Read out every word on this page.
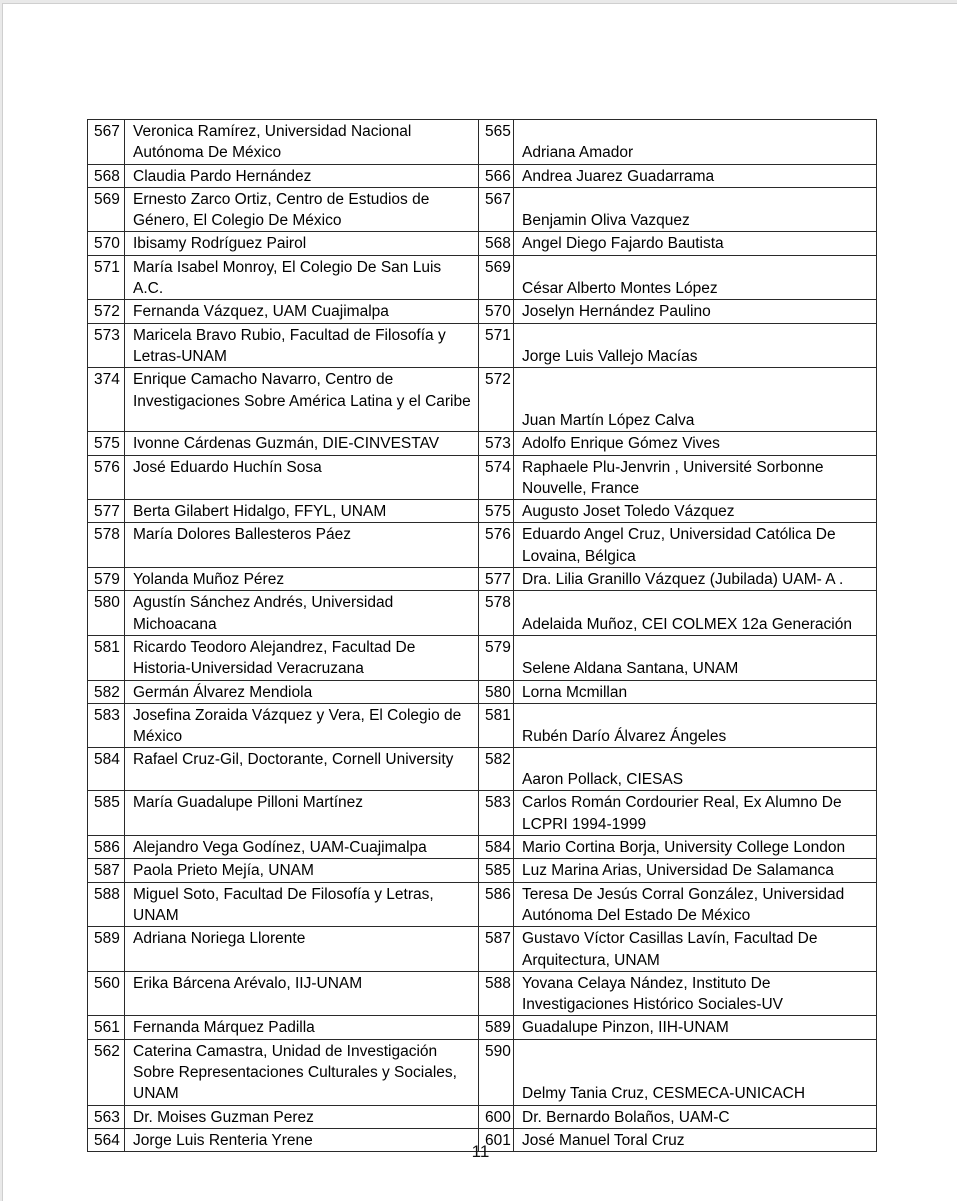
567	Veronica Ramírez, Universidad Nacional Autónoma De México	565	Adriana Amador
568	Claudia Pardo Hernández	566	Andrea Juarez Guadarrama
569	Ernesto Zarco Ortiz, Centro de Estudios de Género, El Colegio De México	567	Benjamin Oliva Vazquez
570	Ibisamy Rodríguez Pairol	568	Angel Diego Fajardo Bautista
571	María Isabel Monroy, El Colegio De San Luis A.C.	569	César Alberto Montes López
572	Fernanda Vázquez, UAM Cuajimalpa	570	Joselyn Hernández Paulino
573	Maricela Bravo Rubio, Facultad de Filosofía y Letras-UNAM	571	Jorge Luis Vallejo Macías
374	Enrique Camacho Navarro, Centro de Investigaciones Sobre América Latina y el Caribe	572	Juan Martín López Calva
575	Ivonne Cárdenas Guzmán, DIE-CINVESTAV	573	Adolfo Enrique Gómez Vives
576	José Eduardo Huchín Sosa	574	Raphaele Plu-Jenvrin , Université Sorbonne Nouvelle, France
577	Berta Gilabert Hidalgo, FFYL, UNAM	575	Augusto Joset Toledo Vázquez
578	María Dolores Ballesteros Páez	576	Eduardo Angel Cruz, Universidad Católica De Lovaina, Bélgica
579	Yolanda Muñoz Pérez	577	Dra. Lilia Granillo Vázquez (Jubilada) UAM- A .
580	Agustín Sánchez Andrés, Universidad Michoacana	578	Adelaida Muñoz, CEI COLMEX 12a Generación
581	Ricardo Teodoro Alejandrez, Facultad De Historia-Universidad Veracruzana	579	Selene Aldana Santana, UNAM
582	Germán Álvarez Mendiola	580	Lorna Mcmillan
583	Josefina Zoraida Vázquez y Vera, El Colegio de México	581	Rubén Darío Álvarez Ángeles
584	Rafael Cruz-Gil, Doctorante, Cornell University	582	Aaron Pollack, CIESAS
585	María Guadalupe Pilloni Martínez	583	Carlos Román Cordourier Real, Ex Alumno De LCPRI 1994-1999
586	Alejandro Vega Godínez, UAM-Cuajimalpa	584	Mario Cortina Borja, University College London
587	Paola Prieto Mejía, UNAM	585	Luz Marina Arias, Universidad De Salamanca
588	Miguel Soto, Facultad De Filosofía y Letras, UNAM	586	Teresa De Jesús Corral González, Universidad Autónoma Del Estado De México
589	Adriana Noriega Llorente	587	Gustavo Víctor Casillas Lavín, Facultad De Arquitectura, UNAM
560	Erika Bárcena Arévalo, IIJ-UNAM	588	Yovana Celaya Nández, Instituto De Investigaciones Histórico Sociales-UV
561	Fernanda Márquez Padilla	589	Guadalupe Pinzon, IIH-UNAM
562	Caterina Camastra, Unidad de Investigación Sobre Representaciones Culturales y Sociales, UNAM	590	Delmy Tania Cruz, CESMECA-UNICACH
563	Dr. Moises Guzman Perez	600	Dr. Bernardo Bolaños, UAM-C
564	Jorge Luis Renteria Yrene	601	José Manuel Toral Cruz
11
